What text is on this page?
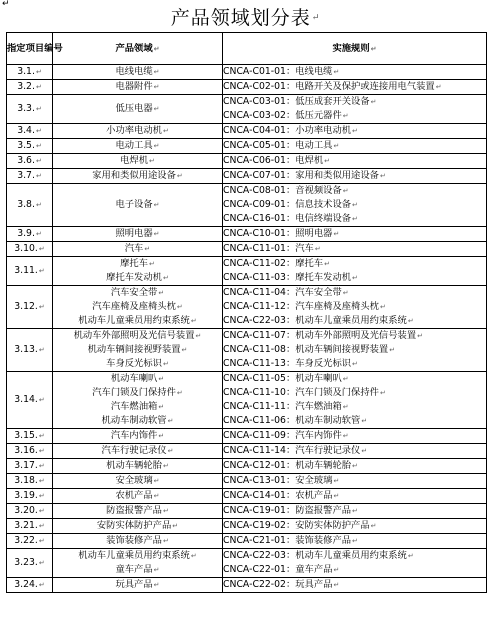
↵
产品领域划分表↵
指定项目编号	产品领域↵	实施规则↵
3.1.↵	电线电缆↵	CNCA-C01-01：电线电缆↵

3.2.↵	电器附件↵	CNCA-C02-01：电路开关及保护或连接用电气装置↵

3.3.↵	低压电器↵	CNCA-C03-01：低压成套开关设备↵
CNCA-C03-02：低压元器件↵

3.4.↵	小功率电动机↵	CNCA-C04-01：小功率电动机↵

3.5.↵	电动工具↵	CNCA-C05-01：电动工具↵

3.6.↵	电焊机↵	CNCA-C06-01：电焊机↵

3.7.↵	家用和类似用途设备↵	CNCA-C07-01：家用和类似用途设备↵

3.8.↵	电子设备↵	CNCA-C08-01：音视频设备↵
CNCA-C09-01：信息技术设备↵
CNCA-C16-01：电信终端设备↵

3.9.↵	照明电器↵	CNCA-C10-01：照明电器↵

3.10.↵	汽车↵	CNCA-C11-01：汽车↵

3.11.↵	摩托车↵
摩托车发动机↵	CNCA-C11-02：摩托车↵
CNCA-C11-03：摩托车发动机↵

3.12.↵	汽车安全带↵
汽车座椅及座椅头枕↵
机动车儿童乘员用约束系统↵	CNCA-C11-04：汽车安全带↵
CNCA-C11-12：汽车座椅及座椅头枕↵
CNCA-C22-03：机动车儿童乘员用约束系统↵

3.13.↵	机动车外部照明及光信号装置↵
机动车辆间接视野装置↵
车身反光标识↵	CNCA-C11-07：机动车外部照明及光信号装置↵
CNCA-C11-08：机动车辆间接视野装置↵
CNCA-C11-13：车身反光标识↵

3.14.↵	机动车喇叭↵
汽车门锁及门保持件↵
汽车燃油箱↵
机动车制动软管↵	CNCA-C11-05：机动车喇叭↵
CNCA-C11-10：汽车门锁及门保持件↵
CNCA-C11-11：汽车燃油箱↵
CNCA-C11-06：机动车制动软管↵

3.15.↵	汽车内饰件↵	CNCA-C11-09：汽车内饰件↵

3.16.↵	汽车行驶记录仪↵	CNCA-C11-14：汽车行驶记录仪↵

3.17.↵	机动车辆轮胎↵	CNCA-C12-01：机动车辆轮胎↵

3.18.↵	安全玻璃↵	CNCA-C13-01：安全玻璃↵

3.19.↵	农机产品↵	CNCA-C14-01：农机产品↵

3.20.↵	防盗报警产品↵	CNCA-C19-01：防盗报警产品↵

3.21.↵	安防实体防护产品↵	CNCA-C19-02：安防实体防护产品↵

3.22.↵	装饰装修产品↵	CNCA-C21-01：装饰装修产品↵

3.23.↵	机动车儿童乘员用约束系统↵
童车产品↵	CNCA-C22-03：机动车儿童乘员用约束系统↵
CNCA-C22-01：童车产品↵

3.24.↵	玩具产品↵	CNCA-C22-02：玩具产品↵
